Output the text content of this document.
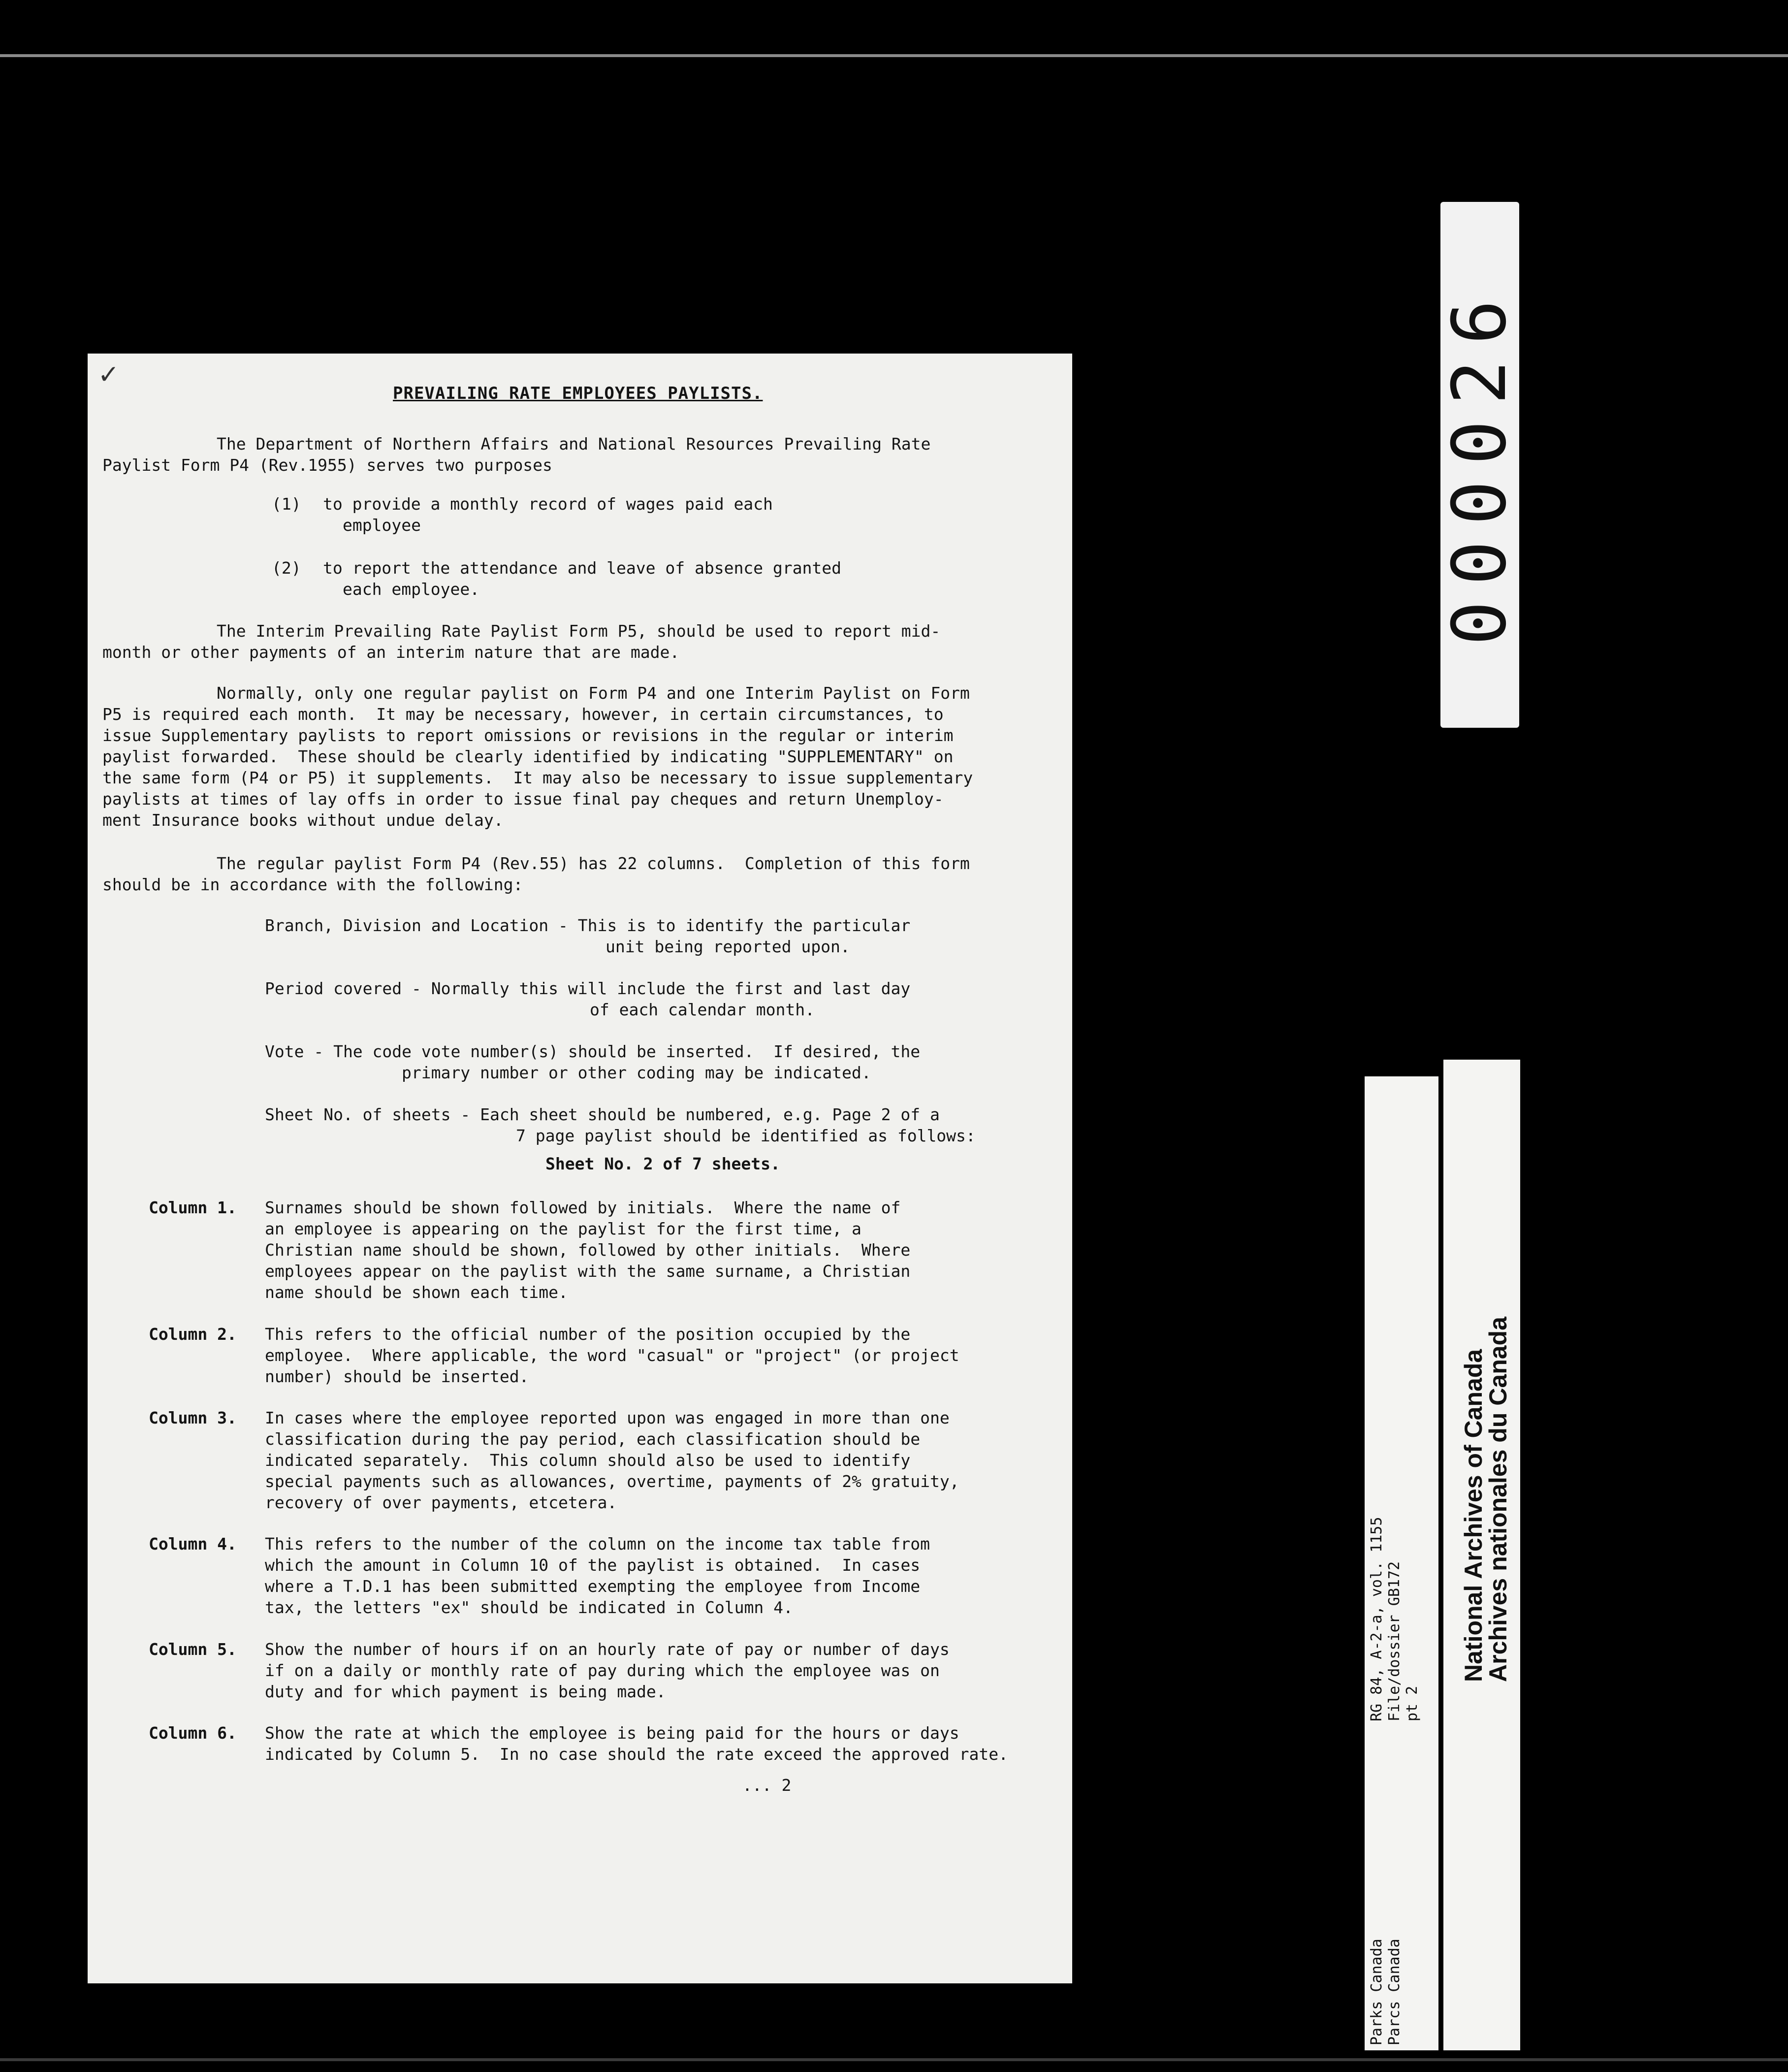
✓
PREVAILING RATE EMPLOYEES PAYLISTS.
The Department of Northern Affairs and National Resources Prevailing Rate
Paylist Form P4 (Rev.1955) serves two purposes
(1) to provide a monthly record of wages paid each
employee
(2) to report the attendance and leave of absence granted
each employee.
The Interim Prevailing Rate Paylist Form P5, should be used to report mid-
month or other payments of an interim nature that are made.
Normally, only one regular paylist on Form P4 and one Interim Paylist on Form
P5 is required each month.  It may be necessary, however, in certain circumstances, to
issue Supplementary paylists to report omissions or revisions in the regular or interim
paylist forwarded.  These should be clearly identified by indicating "SUPPLEMENTARY" on
the same form (P4 or P5) it supplements.  It may also be necessary to issue supplementary
paylists at times of lay offs in order to issue final pay cheques and return Unemploy-
ment Insurance books without undue delay.
The regular paylist Form P4 (Rev.55) has 22 columns.  Completion of this form
should be in accordance with the following:
Branch, Division and Location - This is to identify the particular
unit being reported upon.
Period covered - Normally this will include the first and last day
of each calendar month.
Vote - The code vote number(s) should be inserted.  If desired, the
primary number or other coding may be indicated.
Sheet No. of sheets - Each sheet should be numbered, e.g. Page 2 of a
7 page paylist should be identified as follows:
Sheet No. 2 of 7 sheets.
Column 1. Surnames should be shown followed by initials.  Where the name of
an employee is appearing on the paylist for the first time, a
Christian name should be shown, followed by other initials.  Where
employees appear on the paylist with the same surname, a Christian
name should be shown each time.
Column 2. This refers to the official number of the position occupied by the
employee.  Where applicable, the word "casual" or "project" (or project
number) should be inserted.
Column 3. In cases where the employee reported upon was engaged in more than one
classification during the pay period, each classification should be
indicated separately.  This column should also be used to identify
special payments such as allowances, overtime, payments of 2% gratuity,
recovery of over payments, etcetera.
Column 4. This refers to the number of the column on the income tax table from
which the amount in Column 10 of the paylist is obtained.  In cases
where a T.D.1 has been submitted exempting the employee from Income
tax, the letters "ex" should be indicated in Column 4.
Column 5. Show the number of hours if on an hourly rate of pay or number of days
if on a daily or monthly rate of pay during which the employee was on
duty and for which payment is being made.
Column 6. Show the rate at which the employee is being paid for the hours or days
indicated by Column 5.  In no case should the rate exceed the approved rate.
... 2
000026
RG 84, A-2-a, vol. 1155 File/dossier GB172 pt 2
Parks Canada Parcs Canada
National Archives of Canada
Archives nationales du Canada
